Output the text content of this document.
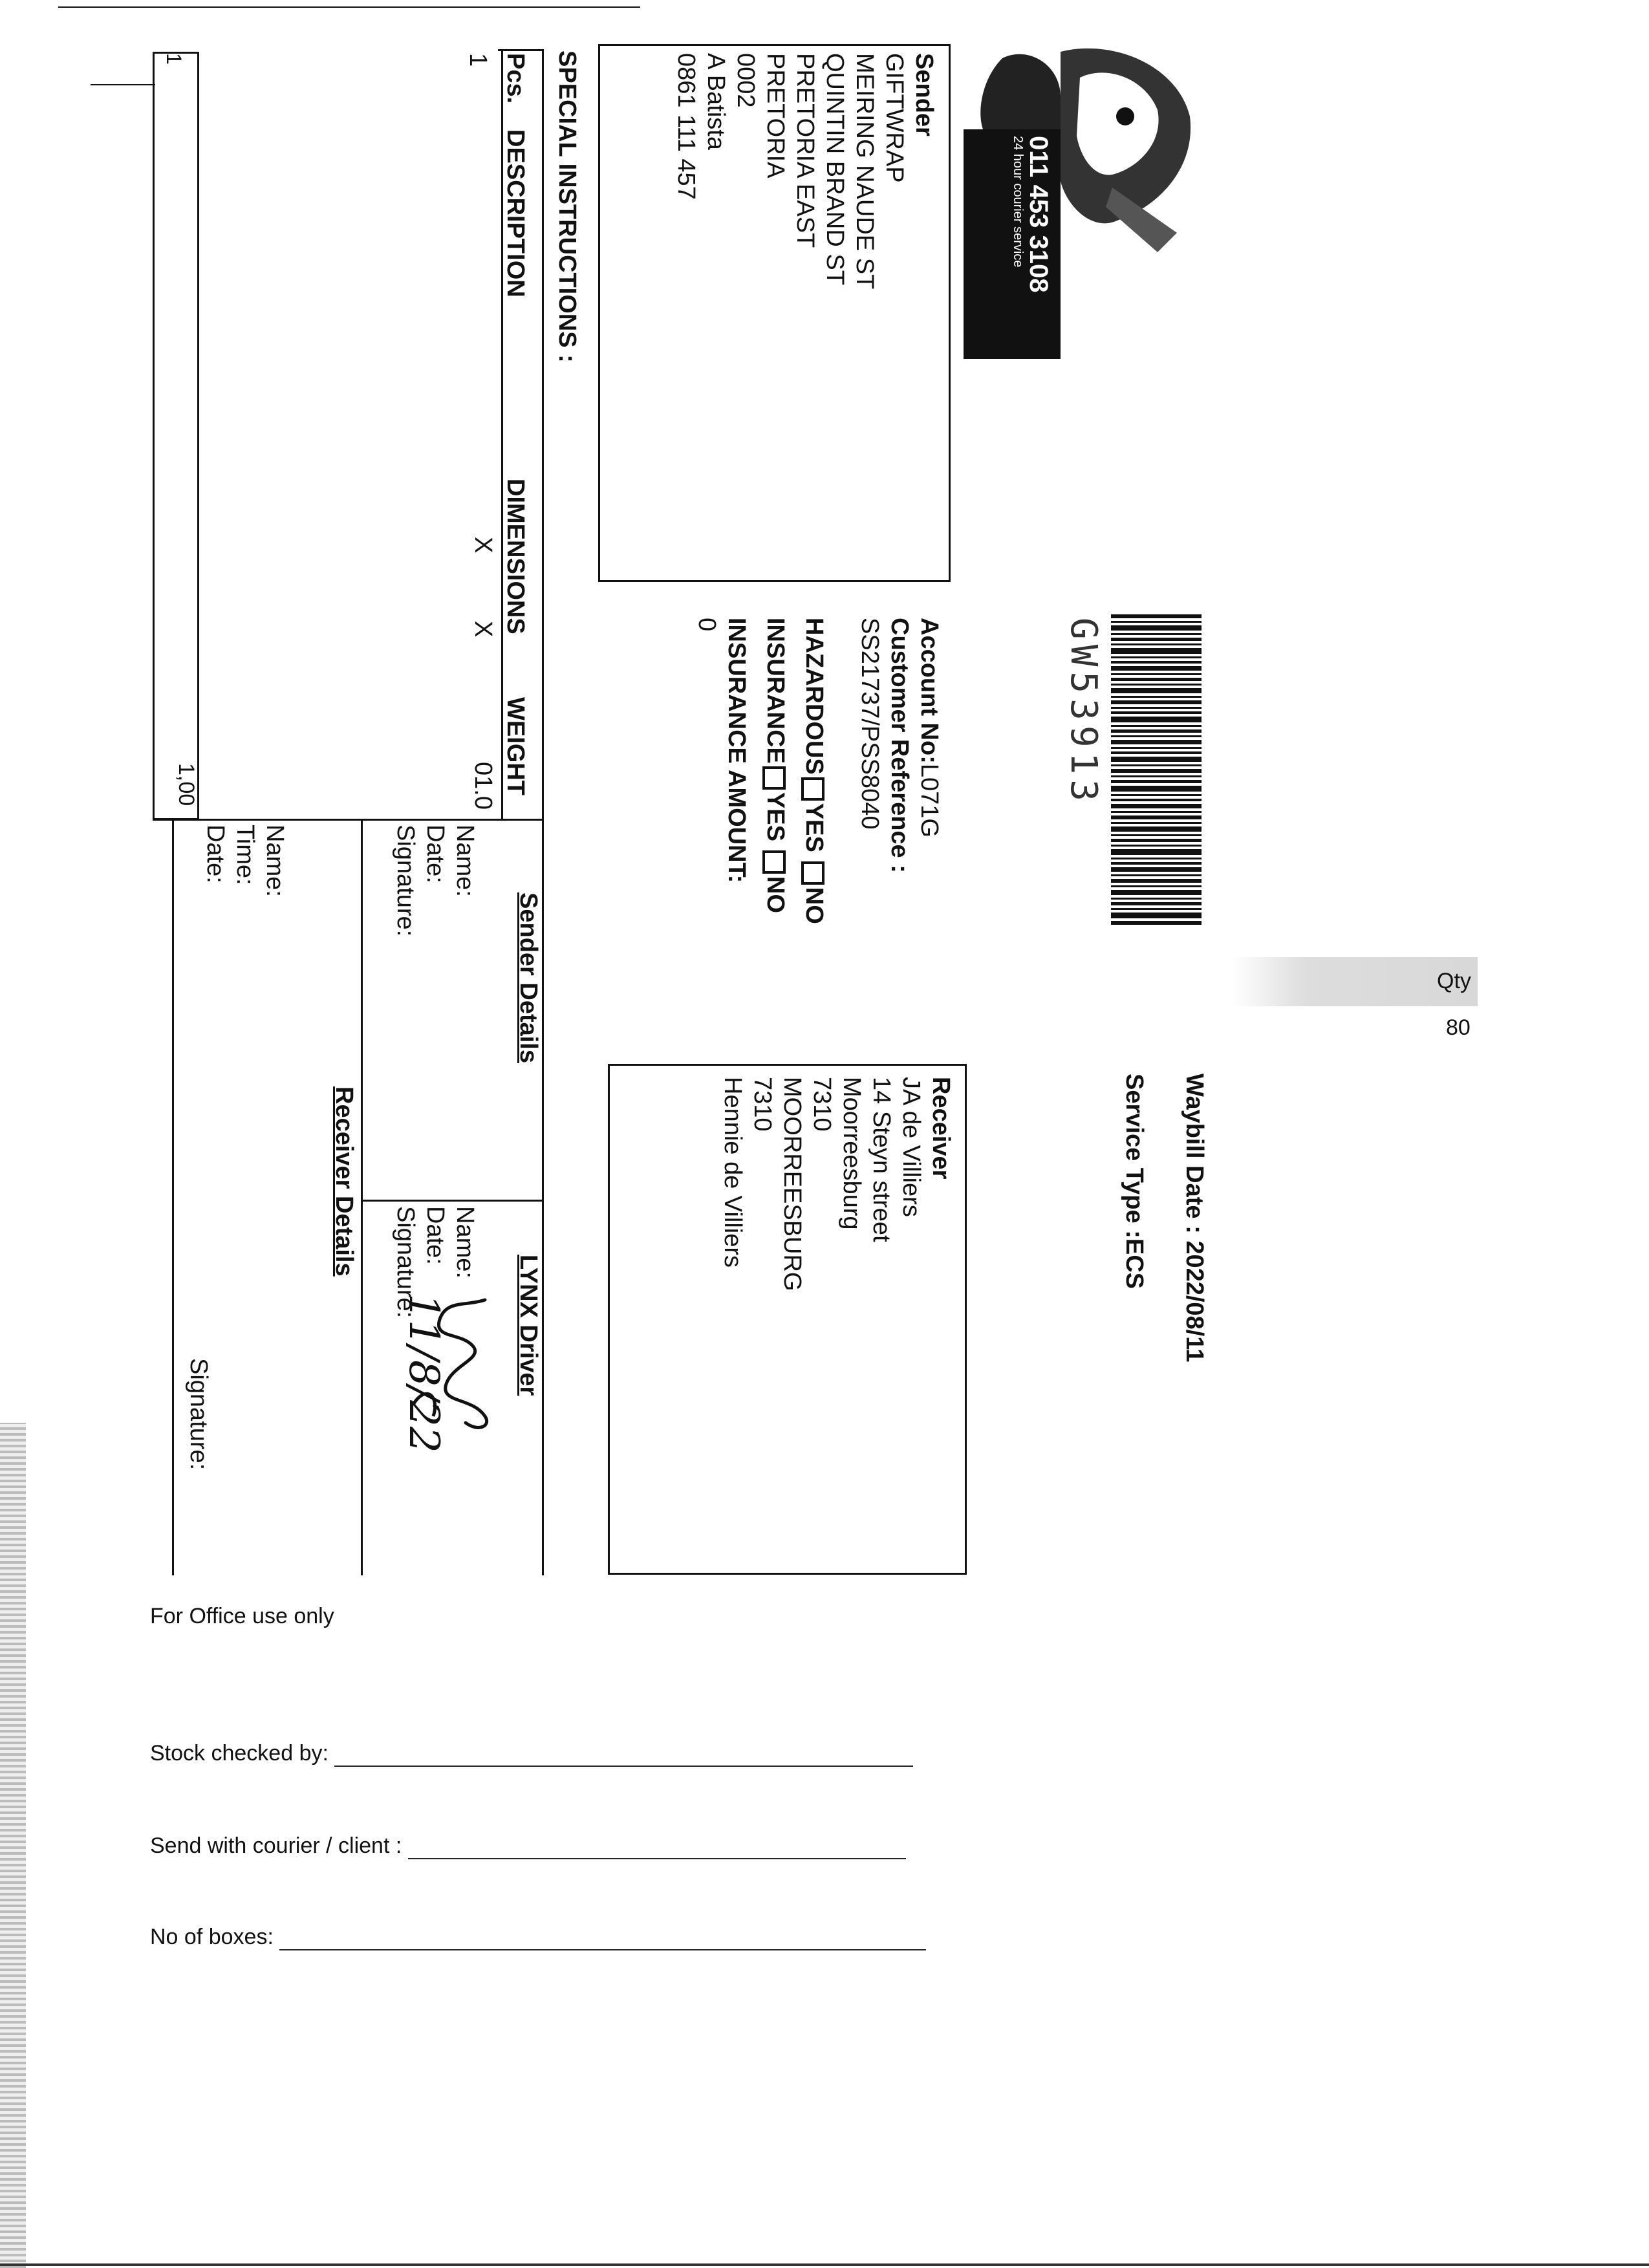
Qty
80
011 453 3108
24 hour courier service
GW53913
Waybill Date : 2022/08/11
Service Type :ECS
Sender
GIFTWRAP
MEIRING NAUDE ST
QUINTIN BRAND ST
PRETORIA EAST
PRETORIA
0002
A Batista
0861 111 457
Account No:L071G
Customer Reference :
SS21737/PSS8040
HAZARDOUSYESNO
INSURANCEYESNO
INSURANCE AMOUNT:
0
Receiver
JA de Villiers
14 Steyn street
Moorreesburg
7310
MOORREESBURG
7310
Hennie de Villiers
SPECIAL INSTRUCTIONS :
Pcs.
DESCRIPTION
DIMENSIONS
WEIGHT
1
X
X
01.0
1
1,00
Sender Details
Name:
Date:
Signature:
LYNX Driver
Name:
Date:
Signature:
11/8/22
Receiver Details
Name:
Time:
Date:
Signature:
For Office use only
Stock checked by:
Send with courier / client :
No of boxes:
